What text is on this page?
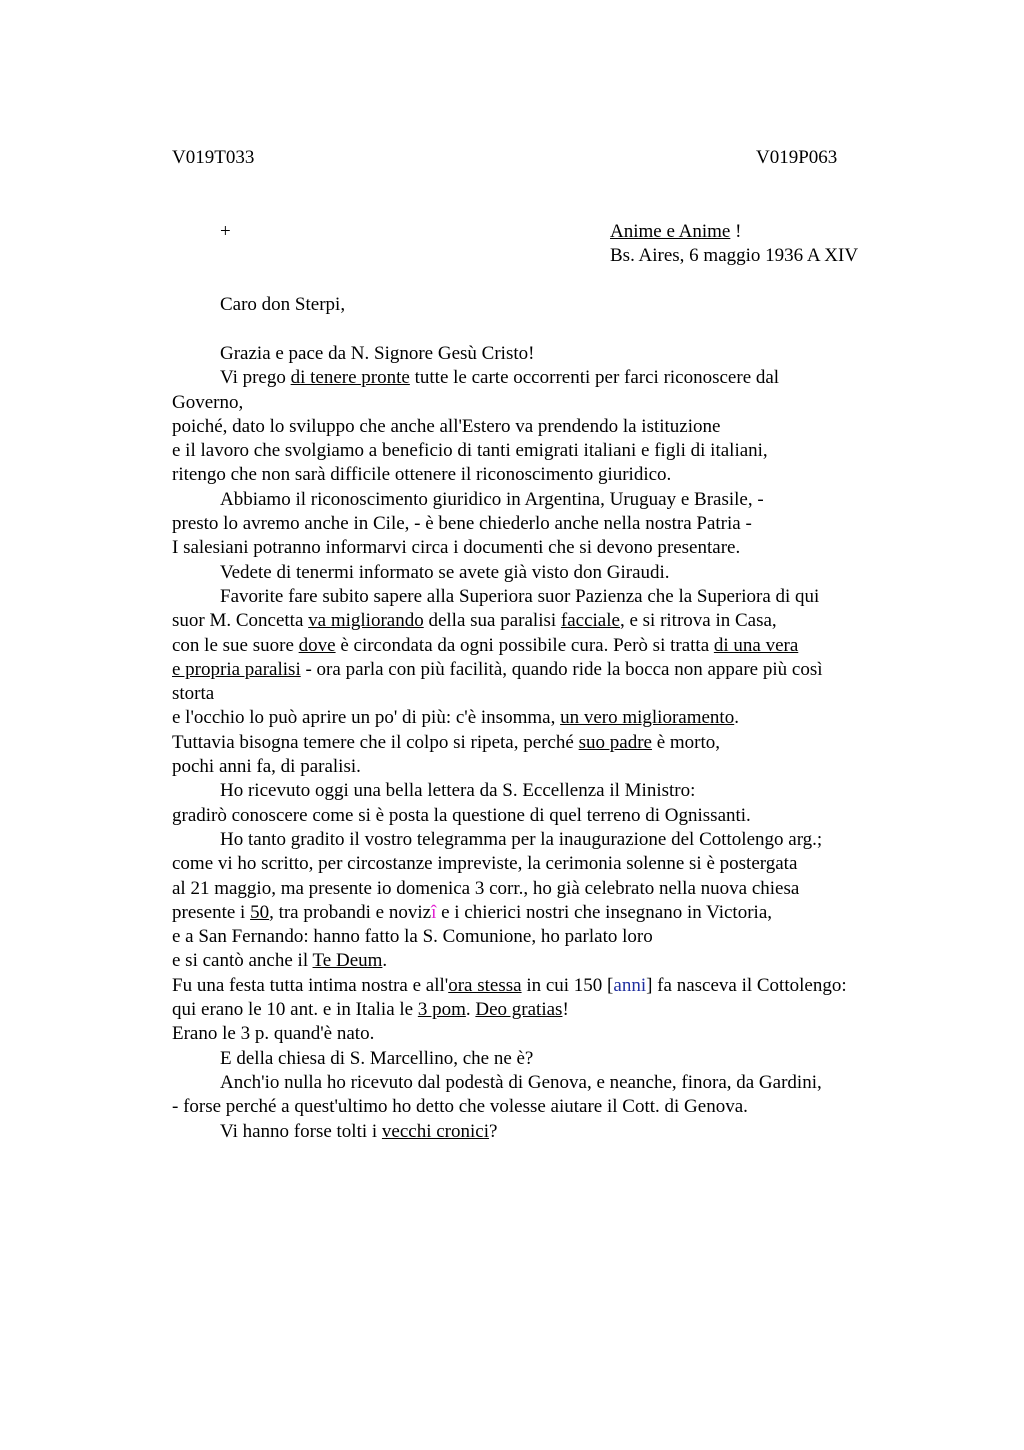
V019T033	V019P063
+	Anime e Anime !
Bs. Aires, 6 maggio 1936 A XIV
Caro don Sterpi,
Grazia e pace da N. Signore Gesù Cristo!
Vi prego di tenere pronte tutte le carte occorrenti per farci riconoscere dal
Governo,
poiché, dato lo sviluppo che anche all'Estero va prendendo la istituzione
e il lavoro che svolgiamo a beneficio di tanti emigrati italiani e figli di italiani,
ritengo che non sarà difficile ottenere il riconoscimento giuridico.
Abbiamo il riconoscimento giuridico in Argentina, Uruguay e Brasile, -
presto lo avremo anche in Cile, - è bene chiederlo anche nella nostra Patria -
I salesiani potranno informarvi circa i documenti che si devono presentare.
Vedete di tenermi informato se avete già visto don Giraudi.
Favorite fare subito sapere alla Superiora suor Pazienza che la Superiora di qui
suor M. Concetta va migliorando della sua paralisi facciale, e si ritrova in Casa,
con le sue suore dove è circondata da ogni possibile cura. Però si tratta di una vera
e propria paralisi - ora parla con più facilità, quando ride la bocca non appare più così
storta
e l'occhio lo può aprire un po' di più: c'è insomma, un vero miglioramento.
Tuttavia bisogna temere che il colpo si ripeta, perché suo padre è morto,
pochi anni fa, di paralisi.
Ho ricevuto oggi una bella lettera da S. Eccellenza il Ministro:
gradirò conoscere come si è posta la questione di quel terreno di Ognissanti.
Ho tanto gradito il vostro telegramma per la inaugurazione del Cottolengo arg.;
come vi ho scritto, per circostanze impreviste, la cerimonia solenne si è postergata
al 21 maggio, ma presente io domenica 3 corr., ho già celebrato nella nuova chiesa
presente i 50, tra probandi e novizî e i chierici nostri che insegnano in Victoria,
e a San Fernando: hanno fatto la S. Comunione, ho parlato loro
e si cantò anche il Te Deum.
Fu una festa tutta intima nostra e all'ora stessa in cui 150 [anni] fa nasceva il Cottolengo:
qui erano le 10 ant. e in Italia le 3 pom. Deo gratias!
Erano le 3 p. quand'è nato.
E della chiesa di S. Marcellino, che ne è?
Anch'io nulla ho ricevuto dal podestà di Genova, e neanche, finora, da Gardini,
- forse perché a quest'ultimo ho detto che volesse aiutare il Cott. di Genova.
Vi hanno forse tolti i vecchi cronici?
